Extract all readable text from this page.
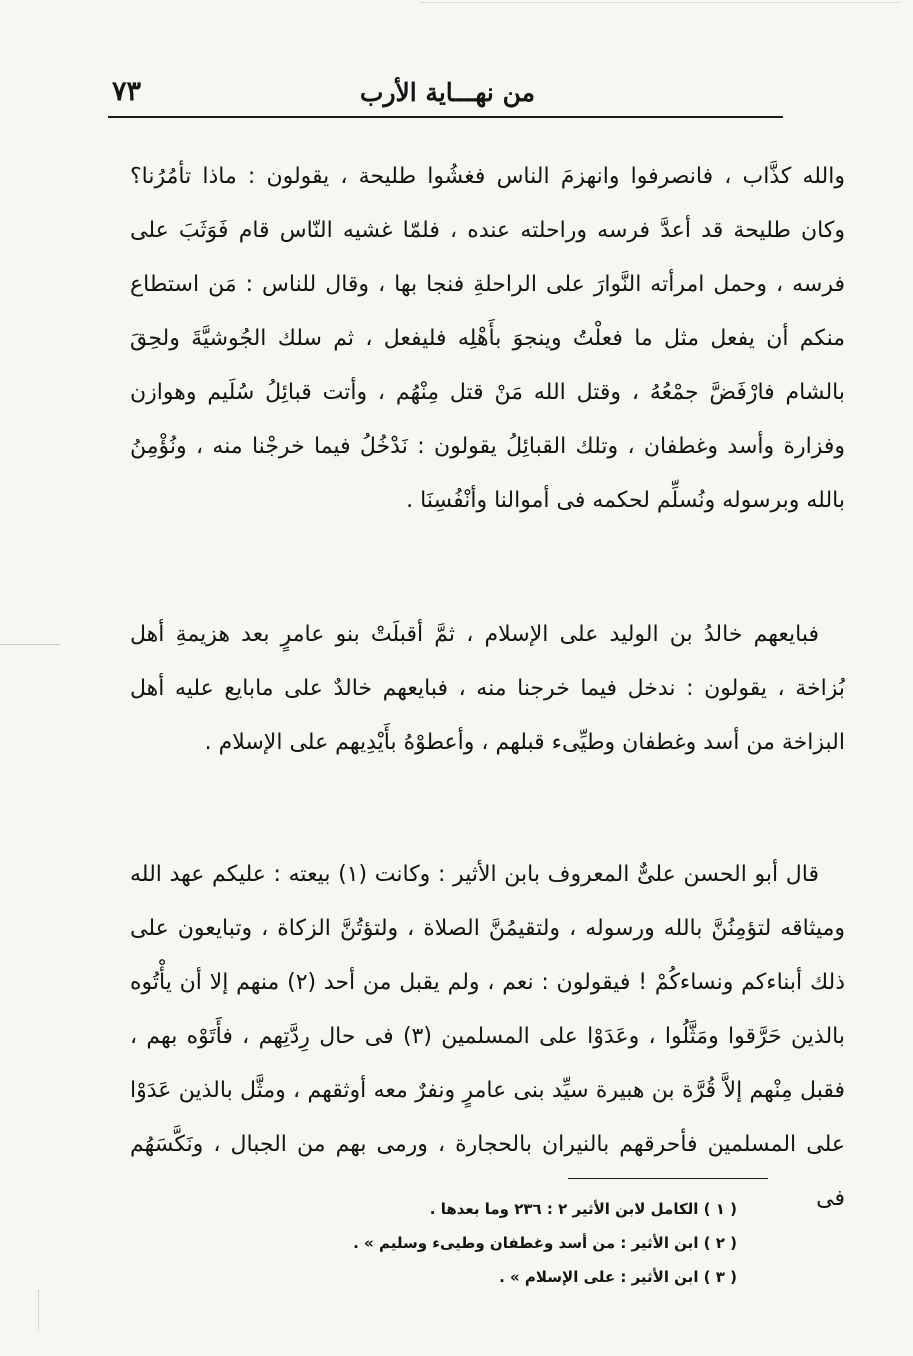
من نهـــاية الأرب
٧٣

والله كذَّاب ، فانصرفوا وانهزمَ الناس فغشُوا طليحة ، يقولون : ماذا تأمُرُنا؟ وكان طليحة قد أعدَّ فرسه وراحلته عنده ، فلمّا غشيه النّاس قام فَوَثَبَ على فرسه ، وحمل امرأته النَّوارَ على الراحلةِ فنجا بها ، وقال للناس : مَن استطاع منكم أن يفعل مثل ما فعلْتُ وينجوَ بأَهْلِه فليفعل ، ثم سلك الجُوشيَّةَ ولحِقَ بالشام فارْفَضَّ جمْعُهُ ، وقتل الله مَنْ قتل مِنْهُم ، وأتت قبائِلُ سُلَيم وهوازن وفزارة وأسد وغطفان ، وتلك القبائِلُ يقولون : نَدْخُلُ فيما خرجْنا منه ، ونُؤْمِنُ بالله وبرسوله ونُسلِّم لحكمه فى أموالنا وأنْفُسِنَا .

فبايعهم خالدُ بن الوليد على الإسلام ، ثمَّ أقبلَتْ بنو عامرٍ بعد هزيمةِ أهل بُزاخة ، يقولون : ندخل فيما خرجنا منه ، فبايعهم خالدٌ على مابايع عليه أهل البزاخة من أسد وغطفان وطيِّىء قبلهم ، وأعطوْهُ بأَيْدِيهم على الإسلام .

قال أبو الحسن علىٌّ المعروف بابن الأثير : وكانت (١) بيعته : عليكم عهد الله وميثاقه لتؤمِنُنَّ بالله ورسوله ، ولتقيمُنَّ الصلاة ، ولتؤتُنَّ الزكاة ، وتبايعون على ذلك أبناءكم ونساءكُمْ ! فيقولون : نعم ، ولم يقبل من أحد (٢) منهم إلا أن يأْتُوه بالذين حَرَّقوا ومَثَّلُوا ، وعَدَوْا على المسلمين (٣) فى حال رِدَّتِهم ، فأَتَوْه بهم ، فقبل مِنْهم إلاَّ قُرَّة بن هبيرة سيِّد بنى عامرٍ ونفرٌ معه أوثقهم ، ومثَّل بالذين عَدَوْا على المسلمين فأحرقهم بالنيران بالحجارة ، ورمى بهم من الجبال ، ونَكَّسَهُم فى

( ١ ) الكامل لابن الأثير ٢ : ٢٣٦ وما بعدها .
( ٢ ) ابن الأثير : من أسد وغطفان وطيىء وسليم » .
( ٣ ) ابن الأثير : على الإسلام » .
